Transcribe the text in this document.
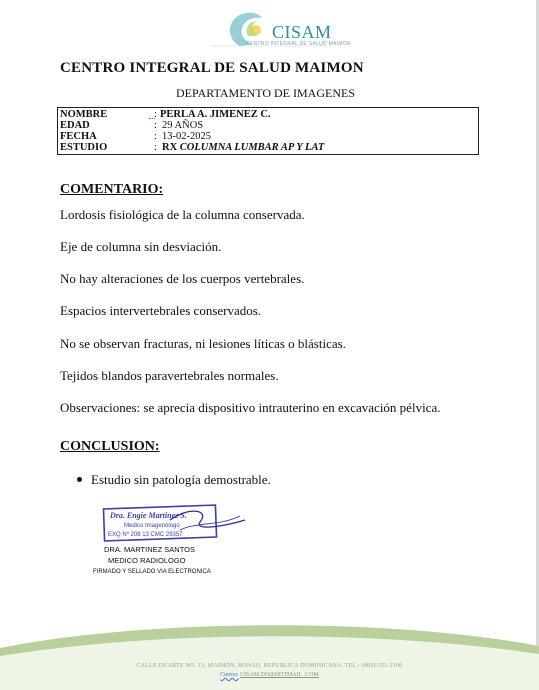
CISAM
CENTRO INTEGRAL DE SALUD MAIMON
CENTRO INTEGRAL DE SALUD MAIMON
DEPARTAMENTO DE IMAGENES
NOMBRE	: PERLA A. JIMENEZ C.
EDAD	: 29 AÑOS
FECHA	: 13-02-2025
ESTUDIO	: RX COLUMNA LUMBAR AP Y LAT
COMENTARIO:
Lordosis fisiológica de la columna conservada.
Eje de columna sin desviación.
No hay alteraciones de los cuerpos vertebrales.
Espacios intervertebrales conservados.
No se observan fracturas, ni lesiones líticas o blásticas.
Tejidos blandos paravertebrales normales.
Observaciones: se aprecia dispositivo intrauterino en excavación pélvica.
CONCLUSION:
Estudio sin patología demostrable.
Dra. Engie Martinez S.
Medico Imagenólogo
EXQ Nº 208 13 CMC 29357
DRA. MARTINEZ SANTOS
MEDICO RADIOLOGO
FIRMADO Y SELLADO VIA ELECTRONICA
CALLE DUARTE NO. 13, MAIMÓN, BONAO, REPUBLICA DOMINICANA, TEL.: (809)-551-2196
Correo: CISAM.DO@HOTMAIL .COM
